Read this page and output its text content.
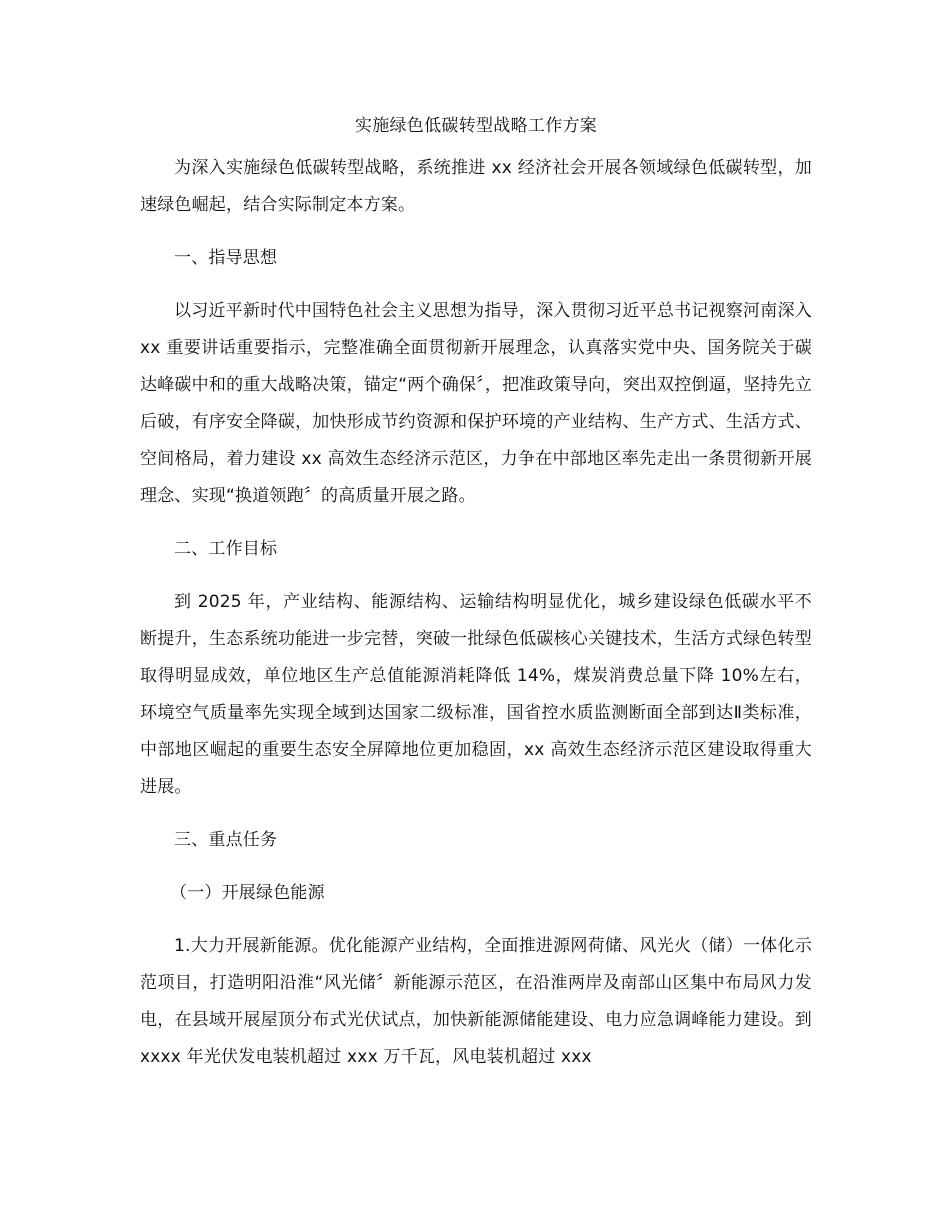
实施绿色低碳转型战略工作方案

为深入实施绿色低碳转型战略，系统推进 xx 经济社会开展各领域绿色低碳转型，加速绿色崛起，结合实际制定本方案。

一、指导思想

以习近平新时代中国特色社会主义思想为指导，深入贯彻习近平总书记视察河南深入 xx 重要讲话重要指示，完整准确全面贯彻新开展理念，认真落实党中央、国务院关于碳达峰碳中和的重大战略决策，锚定“两个确保〞，把准政策导向，突出双控倒逼，坚持先立后破，有序安全降碳，加快形成节约资源和保护环境的产业结构、生产方式、生活方式、空间格局，着力建设 xx 高效生态经济示范区，力争在中部地区率先走出一条贯彻新开展理念、实现“换道领跑〞的高质量开展之路。

二、工作目标

到 2025 年，产业结构、能源结构、运输结构明显优化，城乡建设绿色低碳水平不断提升，生态系统功能进一步完替，突破一批绿色低碳核心关键技术，生活方式绿色转型取得明显成效，单位地区生产总值能源消耗降低 14%，煤炭消费总量下降 10%左右，环境空气质量率先实现全域到达国家二级标准，国省控水质监测断面全部到达Ⅱ类标准，中部地区崛起的重要生态安全屏障地位更加稳固，xx 高效生态经济示范区建设取得重大进展。

三、重点任务

（一）开展绿色能源

1.大力开展新能源。优化能源产业结构，全面推进源网荷储、风光火（储）一体化示范项目，打造明阳沿淮“风光储〞新能源示范区，在沿淮两岸及南部山区集中布局风力发电，在县域开展屋顶分布式光伏试点，加快新能源储能建设、电力应急调峰能力建设。到 xxxx 年光伏发电装机超过 xxx 万千瓦，风电装机超过 xxx
